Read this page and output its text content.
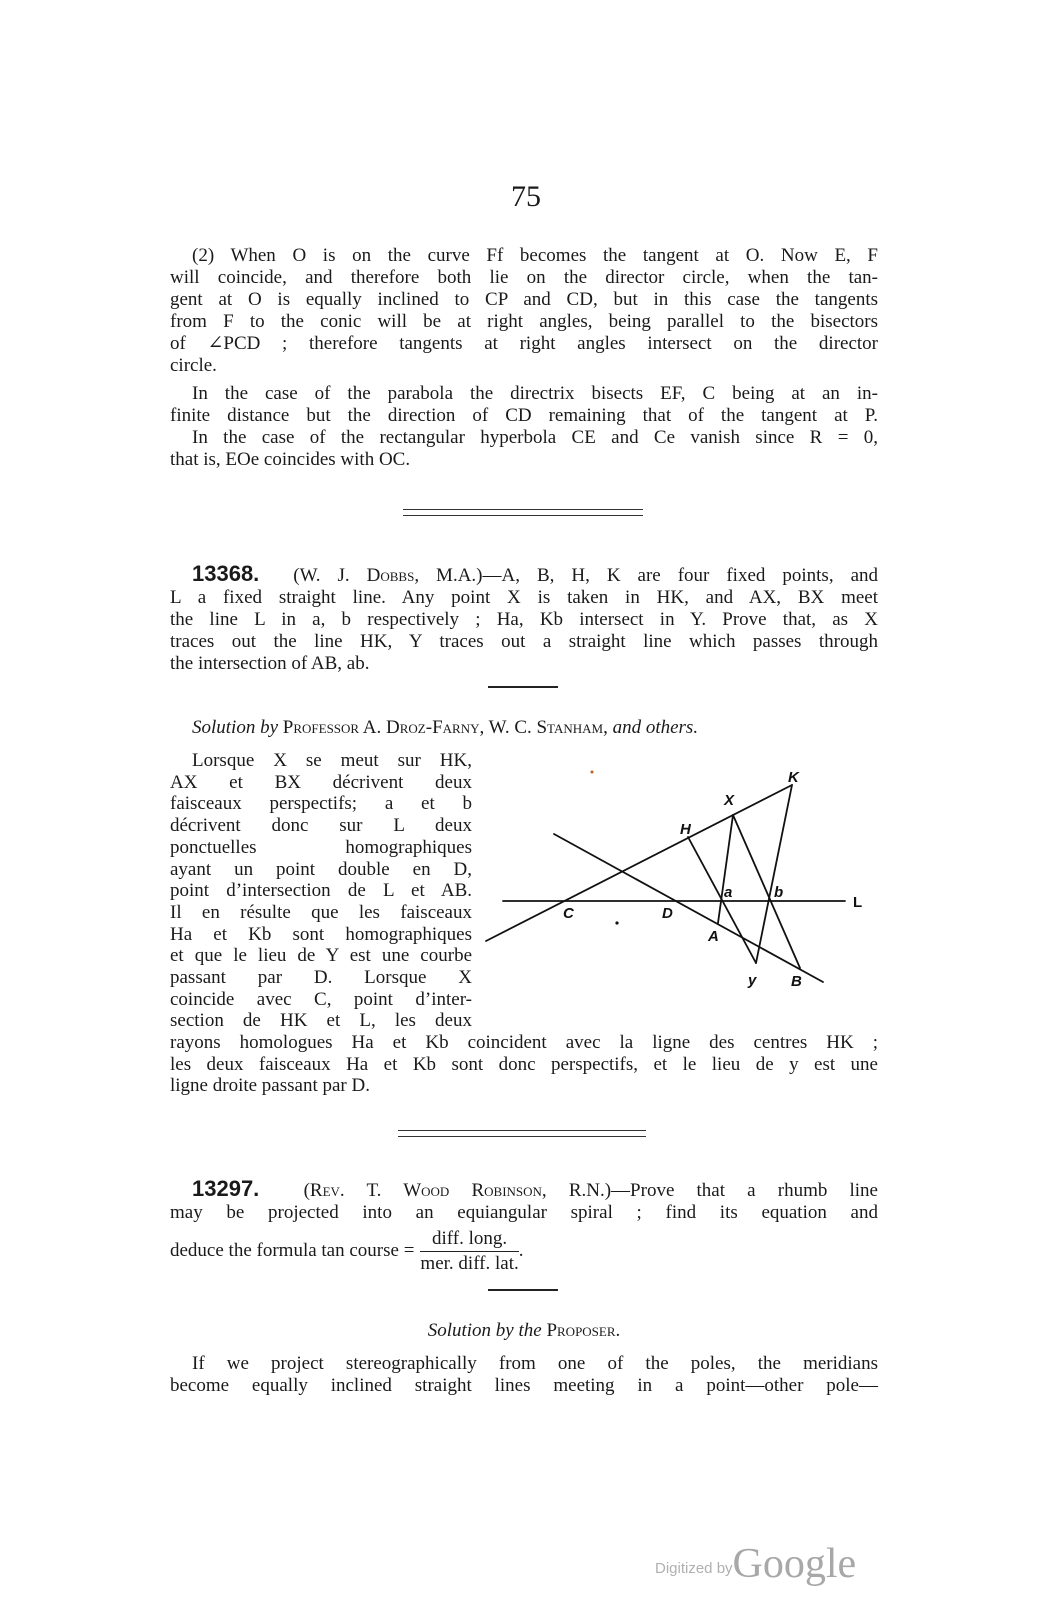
75
(2) When O is on the curve Ff becomes the tangent at O. Now E, F
will coincide, and therefore both lie on the director circle, when the tan-
gent at O is equally inclined to CP and CD, but in this case the tangents
from F to the conic will be at right angles, being parallel to the bisectors
of ∠PCD ; therefore tangents at right angles intersect on the director
circle.
In the case of the parabola the directrix bisects EF, C being at an in-
finite distance but the direction of CD remaining that of the tangent at P.
In the case of the rectangular hyperbola CE and Ce vanish since R = 0,
that is, EOe coincides with OC.
13368. (W. J. Dobbs, M.A.)—A, B, H, K are four fixed points, and
L a fixed straight line. Any point X is taken in HK, and AX, BX meet
the line L in a, b respectively ; Ha, Kb intersect in Y. Prove that, as X
traces out the line HK, Y traces out a straight line which passes through
the intersection of AB, ab.
Solution by Professor A. Droz-Farny, W. C. Stanham, and others.
Lorsque X se meut sur HK,
AX et BX décrivent deux
faisceaux perspectifs; a et b
décrivent donc sur L deux
ponctuelles homographiques
ayant un point double en D,
point d’intersection de L et AB.
Il en résulte que les faisceaux
Ha et Kb sont homographiques
et que le lieu de Y est une courbe
passant par D. Lorsque X
coincide avec C, point d’inter-
section de HK et L, les deux
K
X
H
C	D
a	b
A
y B
L
rayons homologues Ha et Kb coincident avec la ligne des centres HK ;
les deux faisceaux Ha et Kb sont donc perspectifs, et le lieu de y est une
ligne droite passant par D.
13297. (Rev. T. Wood Robinson, R.N.)—Prove that a rhumb line
may be projected into an equiangular spiral ; find its equation and
deduce the formula tan course = $\frac{\text{diff. long.}}{\text{mer. diff. lat.}}$ .
Solution by the Proposer.
If we project stereographically from one of the poles, the meridians
become equally inclined straight lines meeting in a point—other pole—
Digitized byGoogle
